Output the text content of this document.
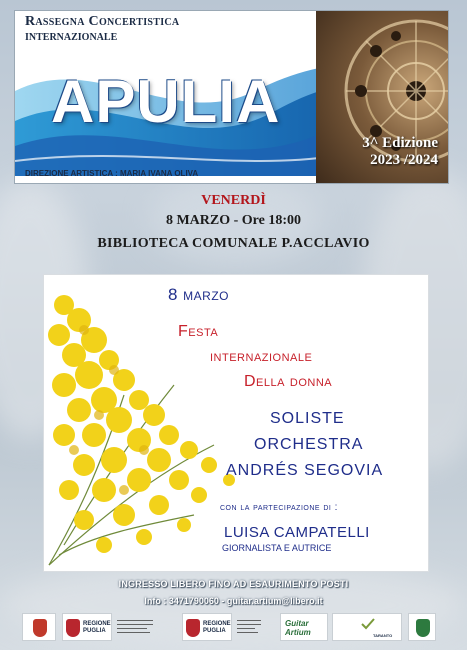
Rassegna Concertistica
INTERNAZIONALE
APULIA
3^ Edizione
2023 /2024
DIREZIONE ARTISTICA : MARIA IVANA OLIVA
VENERDÌ
8 MARZO - Ore 18:00
BIBLIOTECA COMUNALE P.ACCLAVIO
8 marzo
Festa
internazionale
Della donna
SOLISTE
ORCHESTRA
ANDRÉS SEGOVIA
con la partecipazione di :
LUISA CAMPATELLI
GIORNALISTA E AUTRICE
INGRESSO LIBERO FINO AD ESAURIMENTO POSTI
Info : 3471790060 - guitar.artium@libero.it
REGIONE PUGLIA
▬▬▬▬▬▬▬▬▬▬▬▬
▬▬▬▬▬▬▬▬▬▬▬▬
▬▬▬▬▬▬▬▬▬▬
▬▬▬▬▬▬▬▬▬▬▬
REGIONE PUGLIA
▬▬▬▬▬▬▬▬
▬▬▬▬▬▬▬▬
▬▬▬▬▬▬
▬▬▬▬▬▬▬
Guitar Artium	TARANTO
